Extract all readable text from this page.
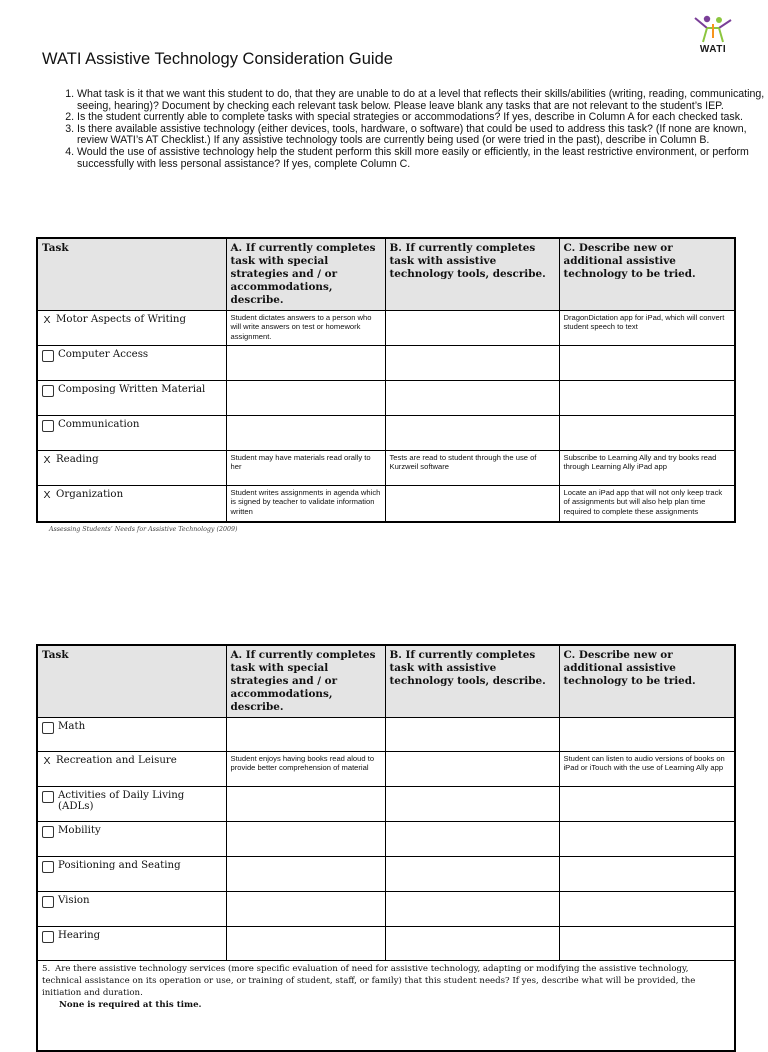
WATI
WATI Assistive Technology Consideration Guide
1. What task is it that we want this student to do, that they are unable to do at a level that reflects their skills/abilities (writing, reading, communicating, seeing, hearing)? Document by checking each relevant task below. Please leave blank any tasks that are not relevant to the student’s IEP.
2. Is the student currently able to complete tasks with special strategies or accommodations? If yes, describe in Column A for each checked task.
3. Is there available assistive technology (either devices, tools, hardware, o software) that could be used to address this task? (If none are known, review WATI’s AT Checklist.) If any assistive technology tools are currently being used (or were tried in the past), describe in Column B.
4. Would the use of assistive technology help the student perform this skill more easily or efficiently, in the least restrictive environment, or perform successfully with less personal assistance? If yes, complete Column C.
Task	A. If currently completes task with special strategies and / or accommodations, describe.	B. If currently completes task with assistive technology tools, describe.	C. Describe new or additional assistive technology to be tried.

X Motor Aspects of Writing	Student dictates answers to a person who will write answers on test or homework assignment.		DragonDictation app for iPad, which will convert student speech to text

Computer Access			

Composing Written Material			

Communication			

X Reading	Student may have materials read orally to her	Tests are read to student through the use of Kurzweil software	Subscribe to Learning Ally and try books read through Learning Ally iPad app

X Organization	Student writes assignments in agenda which is signed by teacher to validate information written		Locate an iPad app that will not only keep track of assignments but will also help plan time required to complete these assignments
Assessing Students’ Needs for Assistive Technology (2009)
Task	A. If currently completes task with special strategies and / or accommodations, describe.	B. If currently completes task with assistive technology tools, describe.	C. Describe new or additional assistive technology to be tried.

Math			

X Recreation and Leisure	Student enjoys having books read aloud to provide better comprehension of material		Student can listen to audio versions of books on iPad or iTouch with the use of Learning Ally app

Activities of Daily Living (ADLs)			

Mobility			

Positioning and Seating			

Vision			

Hearing			

5. Are there assistive technology services (more specific evaluation of need for assistive technology, adapting or modifying the assistive technology, technical assistance on its operation or use, or training of student, staff, or family) that this student needs? If yes, describe what will be provided, the initiation and duration.
None is required at this time.			
